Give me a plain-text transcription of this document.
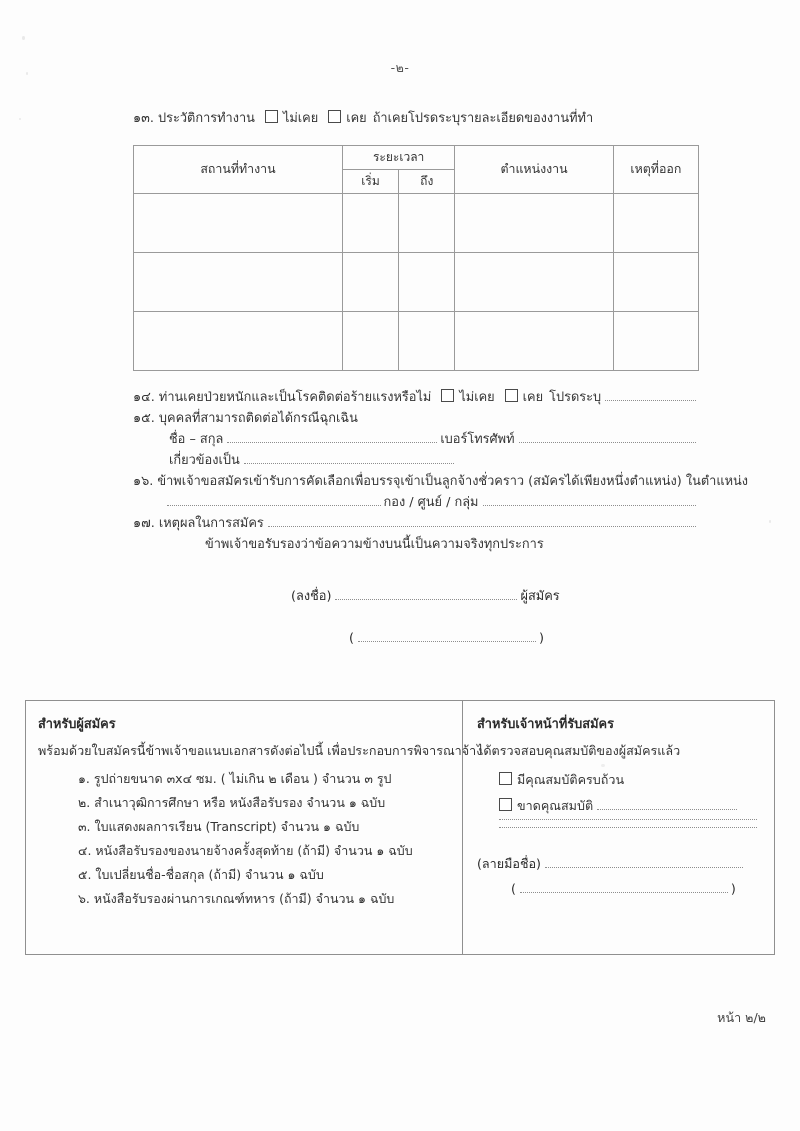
-๒-
๑๓. ประวัติการทำงาน ไม่เคย เคย ถ้าเคยโปรดระบุรายละเอียดของงานที่ทำ
สถานที่ทำงาน	ระยะเวลา		ตำแหน่งงาน	เหตุที่ออก
	เริ่ม	ถึง		

๑๔. ท่านเคยป่วยหนักและเป็นโรคติดต่อร้ายแรงหรือไม่ ไม่เคย เคย โปรดระบุ
๑๕. บุคคลที่สามารถติดต่อได้กรณีฉุกเฉิน
ชื่อ – สกุล	เบอร์โทรศัพท์
เกี่ยวข้องเป็น
๑๖. ข้าพเจ้าขอสมัครเข้ารับการคัดเลือกเพื่อบรรจุเข้าเป็นลูกจ้างชั่วคราว (สมัครได้เพียงหนึ่งตำแหน่ง) ในตำแหน่ง
กอง / ศูนย์ / กลุ่ม
๑๗. เหตุผลในการสมัคร
ข้าพเจ้าขอรับรองว่าข้อความข้างบนนี้เป็นความจริงทุกประการ
(ลงชื่อ)	ผู้สมัคร
(	)
สำหรับผู้สมัคร
พร้อมด้วยใบสมัครนี้ข้าพเจ้าขอแนบเอกสารดังต่อไปนี้ เพื่อประกอบการพิจารณาจ้าง
๑. รูปถ่ายขนาด ๓x๔ ซม. ( ไม่เกิน ๒ เดือน ) จำนวน ๓ รูป
๒. สำเนาวุฒิการศึกษา หรือ หนังสือรับรอง จำนวน ๑ ฉบับ
๓. ใบแสดงผลการเรียน (Transcript) จำนวน ๑ ฉบับ
๔. หนังสือรับรองของนายจ้างครั้งสุดท้าย (ถ้ามี) จำนวน ๑ ฉบับ
๕. ใบเปลี่ยนชื่อ-ชื่อสกุล (ถ้ามี) จำนวน ๑ ฉบับ
๖. หนังสือรับรองผ่านการเกณฑ์ทหาร (ถ้ามี) จำนวน ๑ ฉบับ
สำหรับเจ้าหน้าที่รับสมัคร
ได้ตรวจสอบคุณสมบัติของผู้สมัครแล้ว
มีคุณสมบัติครบถ้วน
ขาดคุณสมบัติ
(ลายมือชื่อ)
(	)
หน้า ๒/๒
